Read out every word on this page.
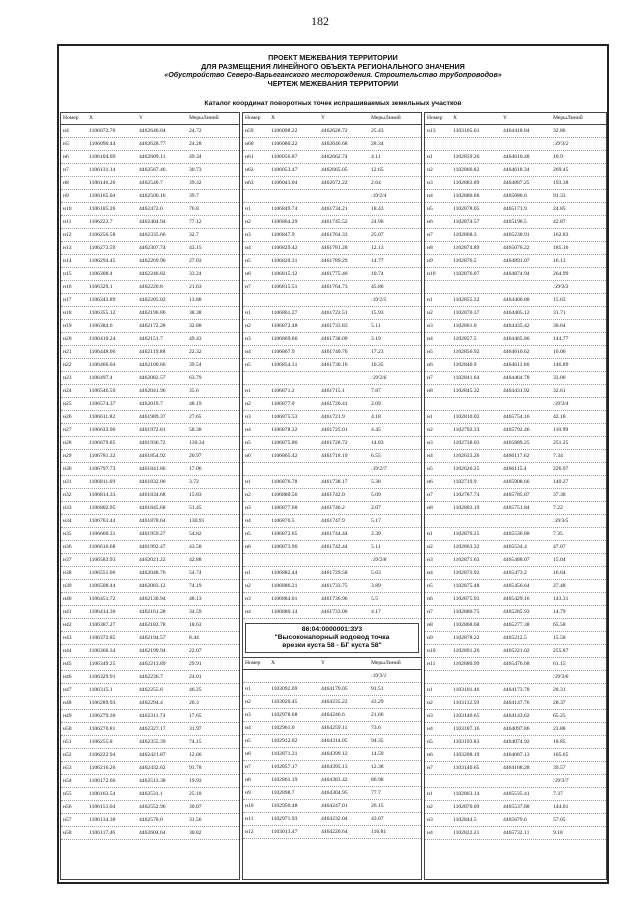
182
ПРОЕКТ МЕЖЕВАНИЯ ТЕРРИТОРИИ
ДЛЯ РАЗМЕЩЕНИЯ ЛИНЕЙНОГО ОБЪЕКТА РЕГИОНАЛЬНОГО ЗНАЧЕНИЯ
«Обустройство Северо-Варьеганского месторождения. Строительство трубопроводов»
ЧЕРТЕЖ МЕЖЕВАНИЯ ТЕРРИТОРИИ
Каталог координат поворотных точек испрашиваемых земельных участков
Номер	X	Y	МерыЛиний
н4	1106072.76	4462646.04	24.72
н5	1106090.44	4462628.77	24.28
н6	1106104.69	4462609.11	49.34
н7	1106131.14	4462567.46	30.73
н8	1106146.26	4462540.7	39.32
н9	1106165.04	4462506.16	39.7
н10	1106185.26	4462472.0	76.8
н11	1106222.7	4462404.94	77.12
н12	1106256.58	4462335.66	32.7
н13	1106273.59	4462307.74	43.15
н14	1106294.45	4462269.96	27.03
н15	1106308.4	4462246.82	33.24
н16	1106329.1	4462220.8	21.63
н17	1106343.89	4462205.02	13.88
н18	1106355.12	4462196.86	38.38
н19	1106384.6	4462172.28	32.88
н20	1106410.24	4462151.7	49.43
н21	1106448.06	4462119.88	22.32
н22	1106466.04	4462106.66	39.54
н23	1106497.4	4462082.57	63.79
н24	1106546.59	4462041.96	35.6
н25	1106574.37	4462019.7	48.19
н26	1106611.82	4461989.37	27.65
н27	1106633.96	4461972.81	58.38
н28	1106679.85	4461936.72	130.34
н29	1106781.32	4461854.92	20.97
н30	1106797.73	4461841.86	17.06
н31	1106811.69	4461832.06	3.72
н32	1106814.33	4461834.68	15.83
н33	1106802.95	4461845.68	51.45
н34	1106763.44	4461878.64	130.91
н35	1106660.31	4461959.27	54.82
н36	1106616.68	4461992.47	43.58
н37	1106583.93	4462021.22	42.88
н38	1106551.06	4462048.76	54.74
н39	1106508.44	4462083.12	74.19
н40	1106451.72	4462130.94	48.13
н41	1106414.36	4462161.28	34.59
н42	1106387.27	4462182.78	18.63
н43	1106372.85	4462194.57	8.44
н44	1106366.34	4462199.94	22.07
н45	1106349.25	4462213.89	29.91
н46	1106329.91	4462236.7	24.01
н47	1106315.1	4462255.6	46.25
н48	1106289.93	4462294.4	20.3
н49	1106279.36	4462311.74	17.65
н50	1106270.81	4462327.17	31.97
н51	1106255.8	4462355.39	74.15
н52	1106222.94	4462421.87	12.66
н53	1106216.26	4462432.62	91.78
н54	1106172.66	4462513.38	19.93
н55	1106163.54	4462531.1	25.18
н56	1106151.04	4462552.96	30.07
н57	1106134.38	4462578.0	31.56
н58	1106117.46	4462604.64	30.82
Номер	X	Y	МерыЛиний
н59	1106098.22	4462628.72	25.43
н60	1106080.22	4462646.68	28.34
н61	1106056.87	4462662.74	4.11
н62	1106053.47	4462665.05	12.65
н63	1106043.04	4462672.22	2.64
:ЗУ2/4
н1	1106849.74	4461734.21	18.43
н2	1106864.29	4461745.52	24.96
н3	1106847.9	4461764.33	25.07
н4	1106829.42	4461781.28	12.13
н5	1106820.31	4461789.29	14.77
н6	1106815.12	4461775.46	10.74
н7	1106815.51	4461764.73	45.86
:ЗУ2/5
н1	1106861.27	4461722.51	15.93
н2	1106872.48	4461733.83	5.11
н3	1106869.66	4461738.09	3.19
н4	1106867.9	4461740.76	17.23
н5	1106854.31	4461730.16	10.35
:ЗУ2/6
н1	1106871.2	4461715.1	7.87
н2	1106877.0	4461720.41	2.09
н3	1106875.53	4461721.9	4.18
н4	1106878.32	4461725.01	4.45
н5	1106875.86	4461728.72	14.83
н6	1106865.42	4461718.19	6.55
:ЗУ2/7
н1	1106876.78	4461738.17	5.38
н2	1106880.56	4461742.0	5.09
н3	1106877.68	4461746.2	2.07
н4	1106876.5	4461747.9	5.17
н5	1106872.65	4461744.44	2.39
н6	1106873.96	4461742.44	5.11
:ЗУ2/8
н1	1106882.44	4461729.58	5.63
н2	1106886.21	4461733.75	3.89
н3	1106884.01	4461736.96	5.5
н4	1106880.14	4461733.06	4.17
86:04:0000001:ЗУ3
"Высоконапорный водовод точка
врезки куста 58 - БГ куста 58"
Номер	X	Y	МерыЛиний
:ЗУ3/1
н1	1103092.69	4464179.05	91.51
н2	1103020.45	4464235.22	43.29
н3	1102978.68	4464246.6	21.66
н4	1102961.0	4464259.11	73.6
н5	1102912.02	4464314.05	94.35
н6	1102871.21	4464399.12	14.59
н7	1102857.17	4464395.13	12.38
н8	1102861.19	4464383.42	86.98
н9	1102898.7	4464304.95	77.7
н10	1102950.48	4464247.01	26.15
н11	1102971.93	4464232.04	43.07
н12	1103013.47	4464220.64	116.81
Номер	X	Y	МерыЛиний
н13	1103105.61	4464418.84	32.86
:ЗУ3/2
н1	1102859.26	4464610.48	10.9
н2	1102866.82	4464618.34	269.45
н3	1102883.89	4464887.25	193.38
н4	1102880.66	4465080.6	91.33
н5	1102878.05	4465171.9	24.85
н6	1102874.57	4465196.5	42.87
н7	1102868.3	4465238.91	162.83
н8	1102874.89	4465076.22	185.16
н9	1102876.5	4464891.07	16.13
н10	1102876.07	4464874.94	264.99
:ЗУ3/3
н1	1102855.32	4464400.88	15.63
н2	1102870.37	4464405.12	31.71
н3	1102861.0	4464435.42	30.64
н4	1102857.5	4464465.86	144.77
н5	1102856.92	4464610.62	16.06
н6	1102840.9	4464611.66	146.89
н7	1102841.64	4464464.78	33.06
н8	1102845.32	4464431.92	32.61
:ЗУ3/4
н1	1102810.02	4465754.16	42.18
н2	1102792.33	4465792.46	110.99
н3	1102738.03	4465889.25	251.25
н4	1102633.26	4466117.62	7.34
н5	1102626.25	4466115.4	226.97
н6	1102719.9	4465908.66	140.27
н7	1102787.74	4465785.87	37.38
н8	1102803.19	4465751.84	7.22
:ЗУ3/5
н1	1102870.25	4465536.88	7.35
н2	1102863.32	4465534.4	47.07
н3	1102871.63	4465488.07	15.04
н4	1102873.92	4465473.2	16.64
н5	1102875.48	4465456.64	27.48
н6	1102875.93	4465429.16	143.31
н7	1102880.75	4465285.93	14.79
н8	1102868.68	4465277.38	65.58
н9	1102878.22	4465212.5	15.58
н10	1102891.26	4465221.02	255.87
н11	1102880.99	4465476.68	61.15
:ЗУ3/6
н1	1103101.46	4464173.78	28.31
н2	1103112.59	4464147.76	28.37
н3	1103140.65	4464143.62	65.25
н4	1103187.16	4464097.86	23.88
н5	1103193.83	4464074.92	18.85
н6	1103208.19	4464087.13	105.65
н7	1103140.65	4464168.28	39.57
:ЗУ3/7
н1	1102863.14	4465535.41	7.37
н2	1102870.09	4465537.88	144.01
н3	1102844.5	4465679.6	57.05
н4	1102822.21	4465732.11	9.18
